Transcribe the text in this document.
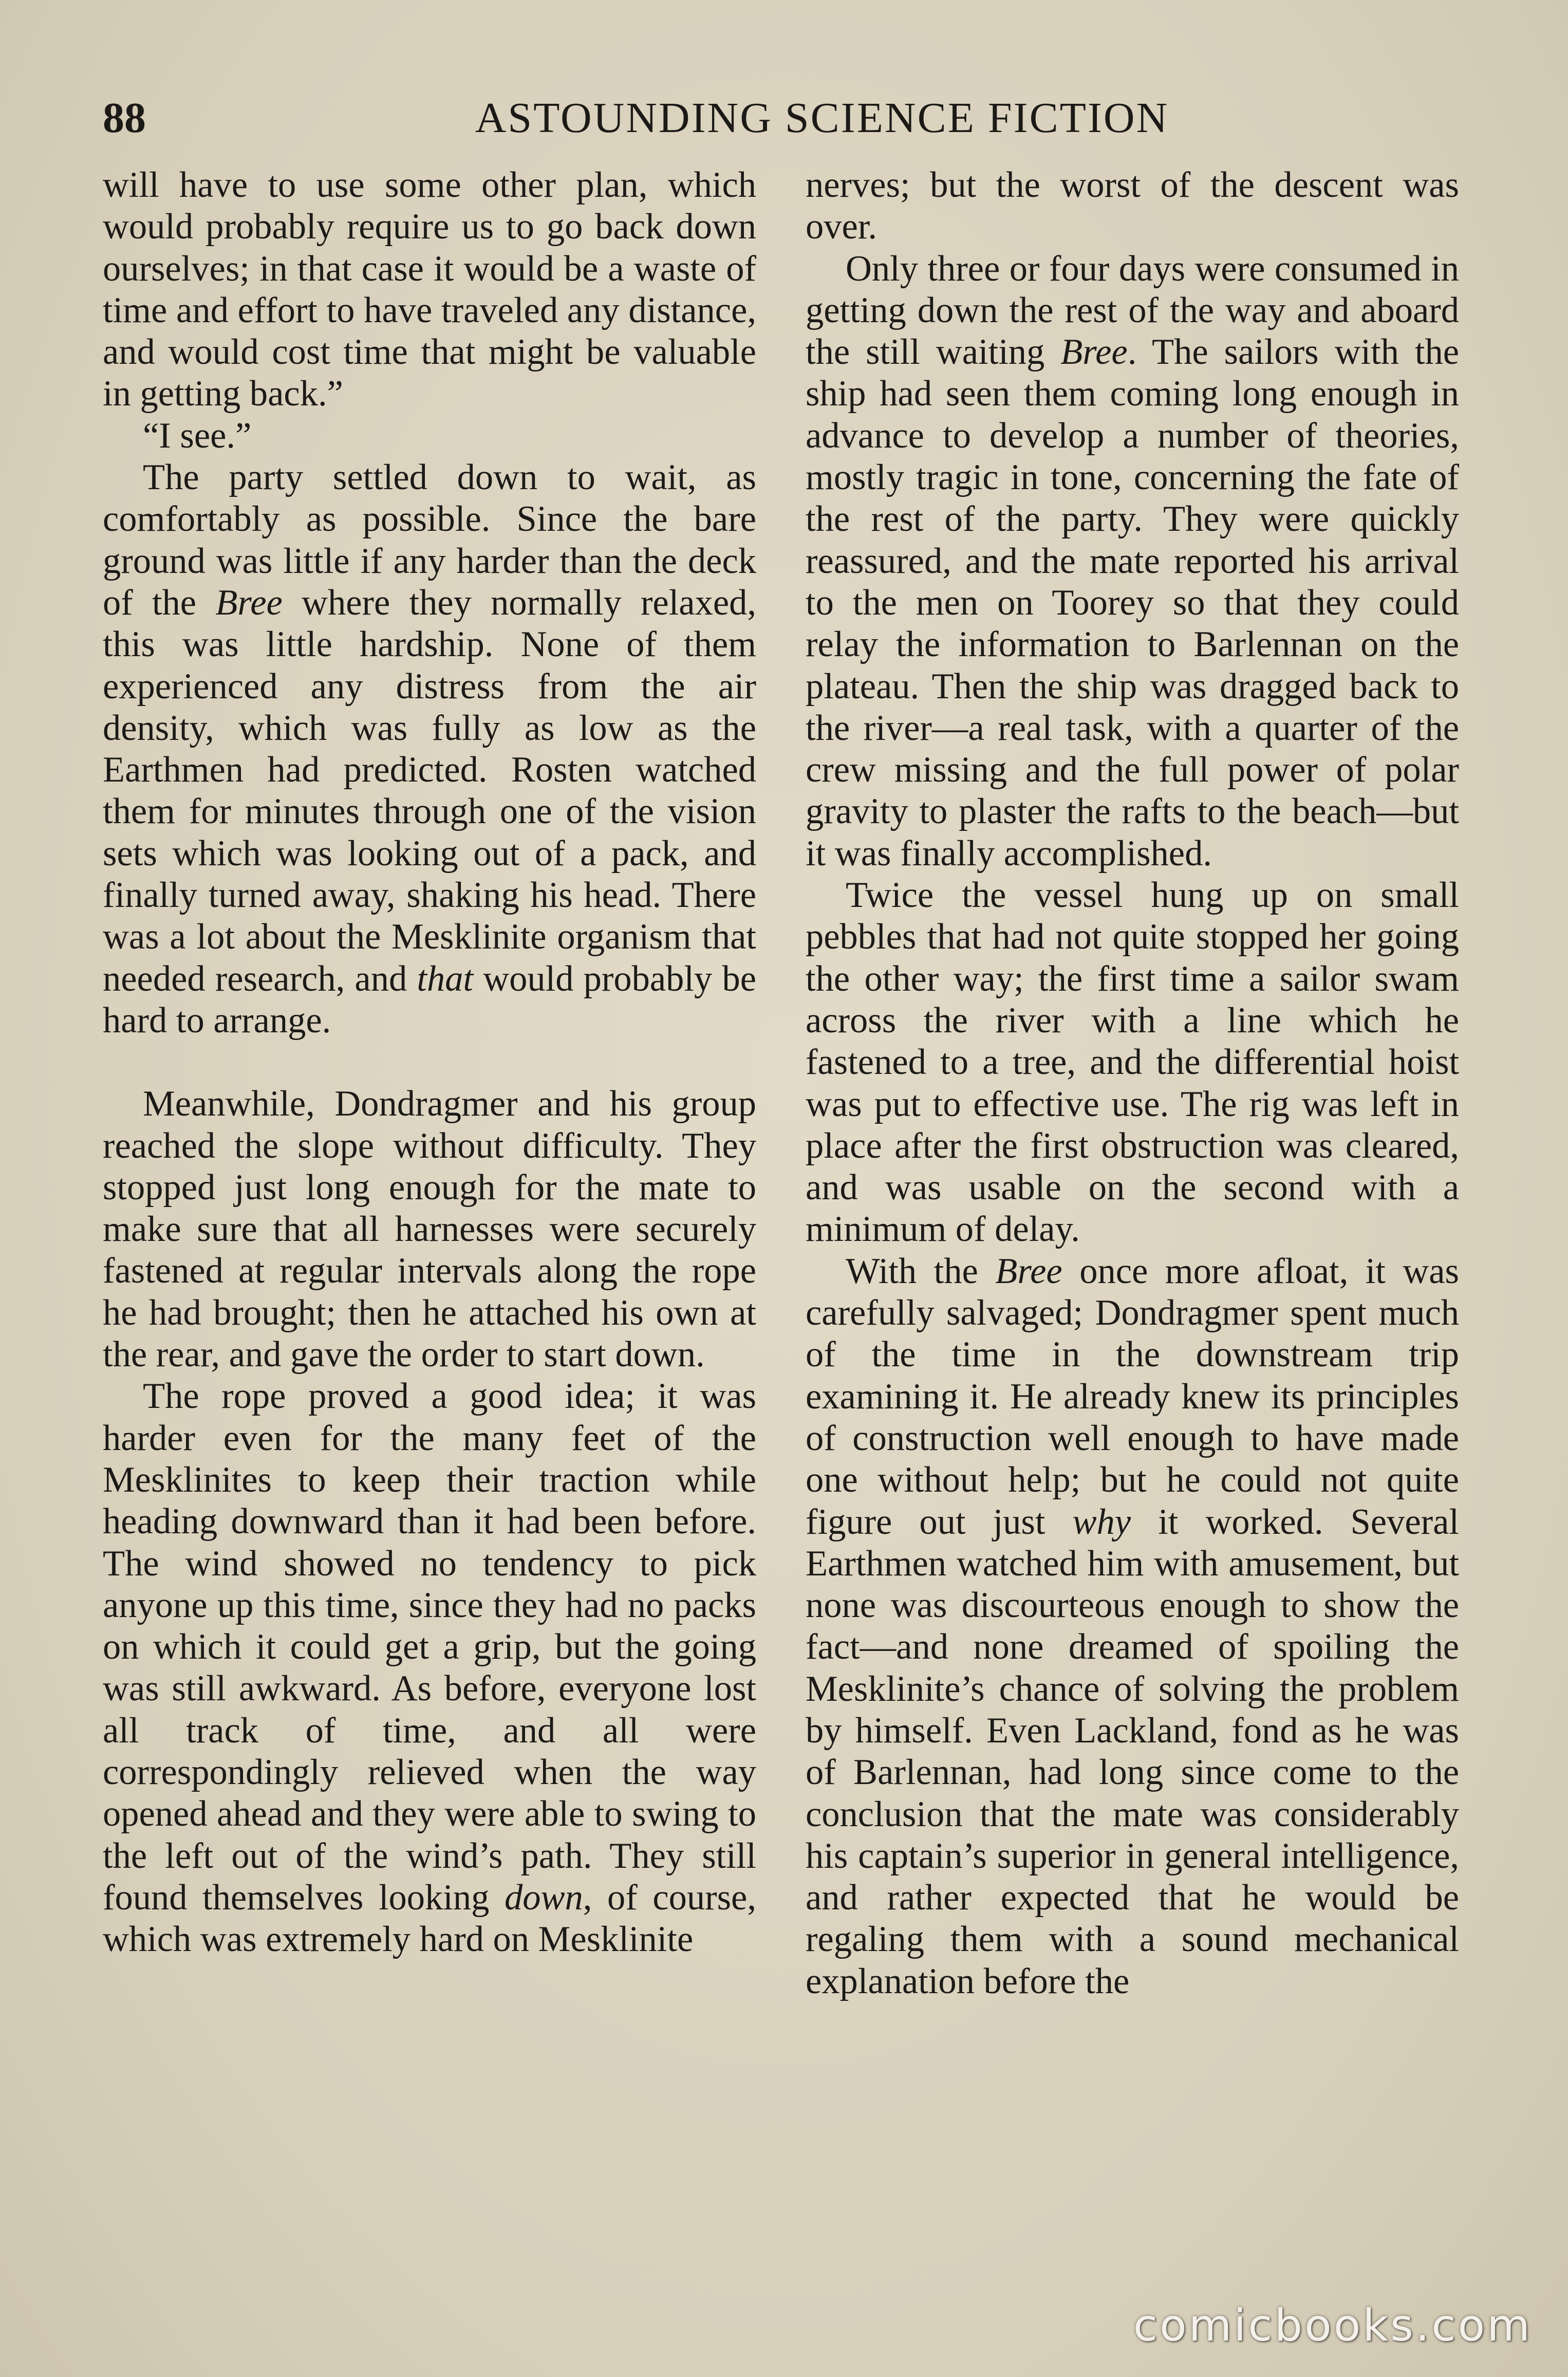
88	ASTOUNDING SCIENCE FICTION

will have to use some other plan, which would probably require us to go back down ourselves; in that case it would be a waste of time and effort to have traveled any distance, and would cost time that might be valuable in getting back.”

“I see.”

The party settled down to wait, as comfortably as possible. Since the bare ground was little if any harder than the deck of the Bree where they normally relaxed, this was little hardship. None of them experienced any distress from the air density, which was fully as low as the Earthmen had predicted. Rosten watched them for minutes through one of the vision sets which was looking out of a pack, and finally turned away, shaking his head. There was a lot about the Mesklinite organism that needed research, and that would probably be hard to arrange.

Meanwhile, Dondragmer and his group reached the slope without difficulty. They stopped just long enough for the mate to make sure that all harnesses were securely fastened at regular intervals along the rope he had brought; then he attached his own at the rear, and gave the order to start down.

The rope proved a good idea; it was harder even for the many feet of the Mesklinites to keep their traction while heading downward than it had been before. The wind showed no tendency to pick anyone up this time, since they had no packs on which it could get a grip, but the going was still awkward. As before, everyone lost all track of time, and all were correspondingly relieved when the way opened ahead and they were able to swing to the left out of the wind’s path. They still found themselves looking down, of course, which was extremely hard on Mesklinite

nerves; but the worst of the descent was over.

Only three or four days were consumed in getting down the rest of the way and aboard the still waiting Bree. The sailors with the ship had seen them coming long enough in advance to develop a number of theories, mostly tragic in tone, concerning the fate of the rest of the party. They were quickly reassured, and the mate reported his arrival to the men on Toorey so that they could relay the information to Barlennan on the plateau. Then the ship was dragged back to the river—a real task, with a quarter of the crew missing and the full power of polar gravity to plaster the rafts to the beach—but it was finally accomplished.

Twice the vessel hung up on small pebbles that had not quite stopped her going the other way; the first time a sailor swam across the river with a line which he fastened to a tree, and the differential hoist was put to effective use. The rig was left in place after the first obstruction was cleared, and was usable on the second with a minimum of delay.

With the Bree once more afloat, it was carefully salvaged; Dondragmer spent much of the time in the downstream trip examining it. He already knew its principles of construction well enough to have made one without help; but he could not quite figure out just why it worked. Several Earthmen watched him with amusement, but none was discourteous enough to show the fact—and none dreamed of spoiling the Mesklinite’s chance of solving the problem by himself. Even Lackland, fond as he was of Barlennan, had long since come to the conclusion that the mate was considerably his captain’s superior in general intelligence, and rather expected that he would be regaling them with a sound mechanical explanation before the

comicbooks.com
